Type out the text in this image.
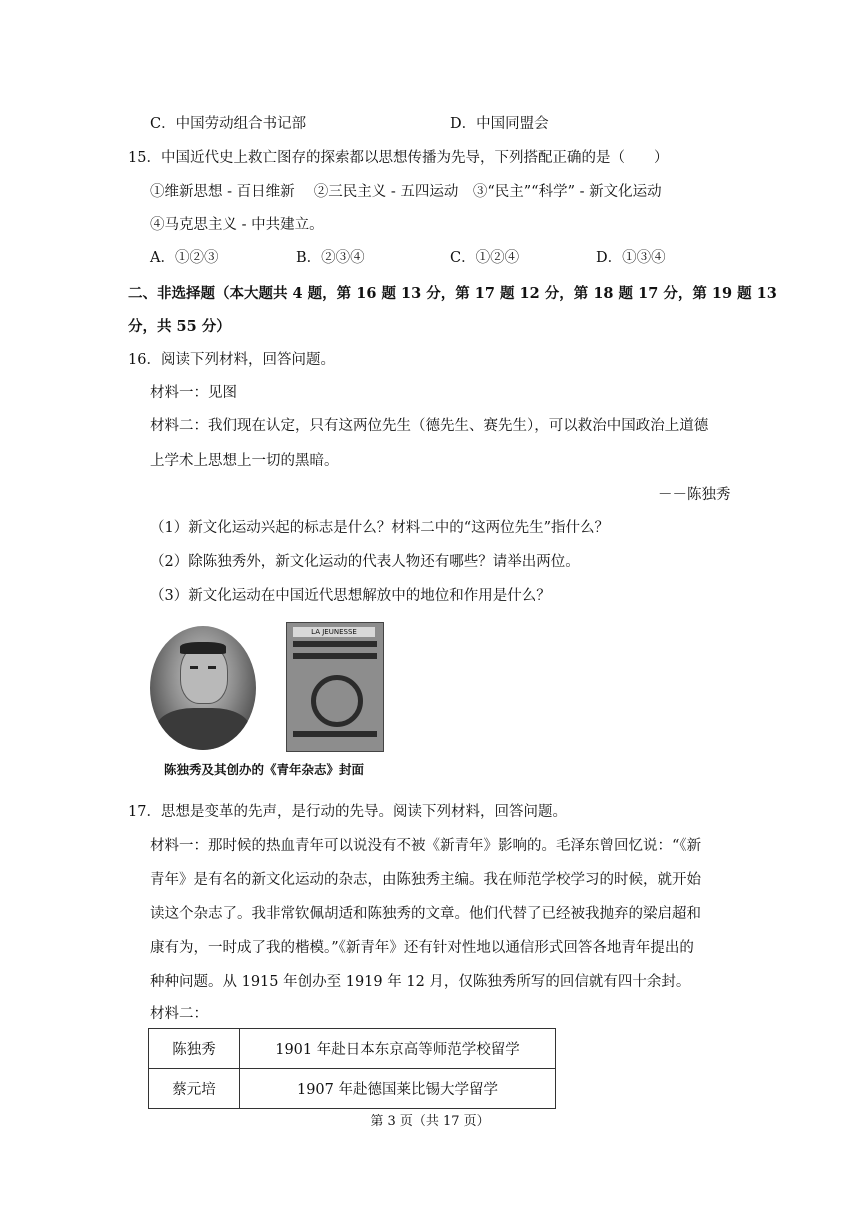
C．中国劳动组合书记部	D．中国同盟会
15．中国近代史上救亡图存的探索都以思想传播为先导，下列搭配正确的是（　　）
①维新思想 - 百日维新　 ②三民主义 - 五四运动　③“民主”“科学” - 新文化运动
④马克思主义 - 中共建立。
A．①②③	B．②③④	C．①②④	D．①③④
二、非选择题（本大题共 4 题，第 16 题 13 分，第 17 题 12 分，第 18 题 17 分，第 19 题 13
分，共 55 分）
16．阅读下列材料，回答问题。
材料一：见图
材料二：我们现在认定，只有这两位先生（德先生、赛先生），可以救治中国政治上道德
上学术上思想上一切的黑暗。
－－陈独秀
（1）新文化运动兴起的标志是什么？材料二中的“这两位先生”指什么？
（2）除陈独秀外，新文化运动的代表人物还有哪些？请举出两位。
（3）新文化运动在中国近代思想解放中的地位和作用是什么？
LA JEUNESSE
陈独秀及其创办的《青年杂志》封面
17．思想是变革的先声，是行动的先导。阅读下列材料，回答问题。
材料一：那时候的热血青年可以说没有不被《新青年》影响的。毛泽东曾回忆说：“《新
青年》是有名的新文化运动的杂志，由陈独秀主编。我在师范学校学习的时候，就开始
读这个杂志了。我非常钦佩胡适和陈独秀的文章。他们代替了已经被我抛弃的梁启超和
康有为，一时成了我的楷模。”《新青年》还有针对性地以通信形式回答各地青年提出的
种种问题。从 1915 年创办至 1919 年 12 月，仅陈独秀所写的回信就有四十余封。
材料二：
陈独秀	1901 年赴日本东京高等师范学校留学
蔡元培	1907 年赴德国莱比锡大学留学
第 3 页（共 17 页）
